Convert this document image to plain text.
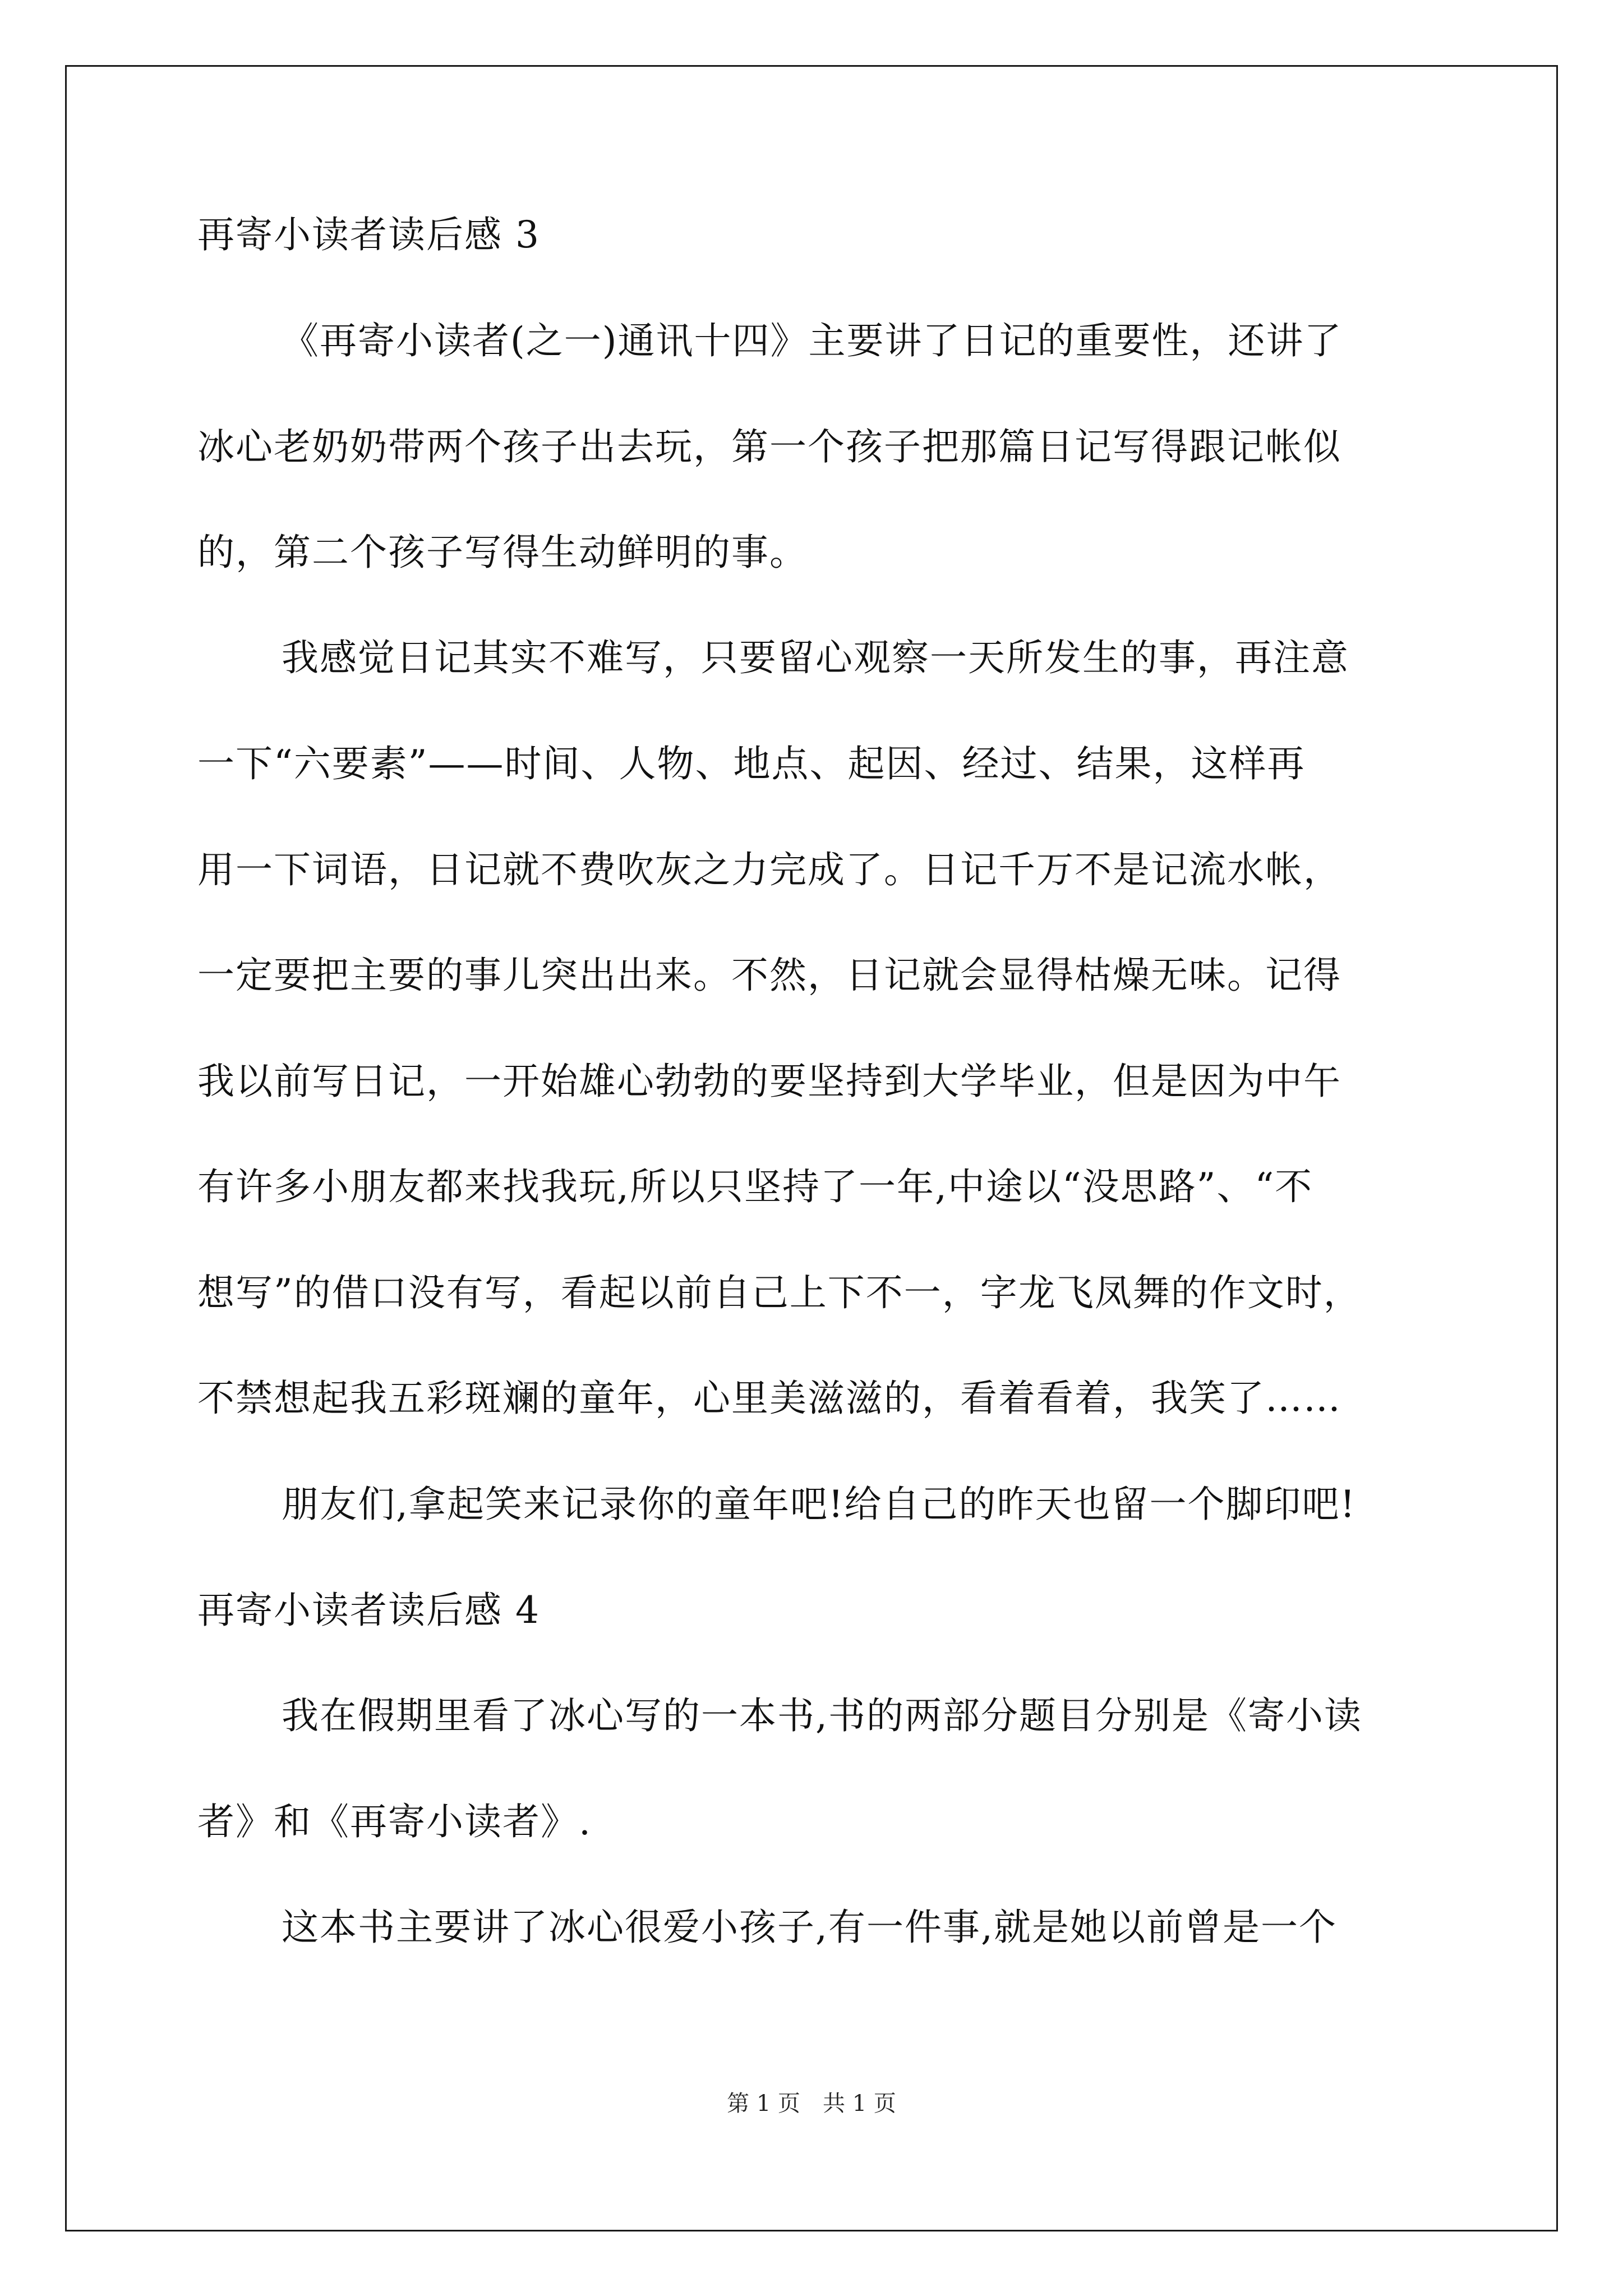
再寄小读者读后感 3
《再寄小读者(之一)通讯十四》主要讲了日记的重要性，还讲了
冰心老奶奶带两个孩子出去玩，第一个孩子把那篇日记写得跟记帐似
的，第二个孩子写得生动鲜明的事。
我感觉日记其实不难写，只要留心观察一天所发生的事，再注意
一下“六要素”——时间、人物、地点、起因、经过、结果，这样再
用一下词语，日记就不费吹灰之力完成了。日记千万不是记流水帐，
一定要把主要的事儿突出出来。不然，日记就会显得枯燥无味。记得
我以前写日记，一开始雄心勃勃的要坚持到大学毕业，但是因为中午
有许多小朋友都来找我玩,所以只坚持了一年,中途以“没思路”、“不
想写”的借口没有写，看起以前自己上下不一，字龙飞凤舞的作文时，
不禁想起我五彩斑斓的童年，心里美滋滋的，看着看着，我笑了……
朋友们,拿起笑来记录你的童年吧!给自己的昨天也留一个脚印吧!
再寄小读者读后感 4
我在假期里看了冰心写的一本书,书的两部分题目分别是《寄小读
者》和《再寄小读者》.
这本书主要讲了冰心很爱小孩子,有一件事,就是她以前曾是一个
第 1 页　共 1 页
